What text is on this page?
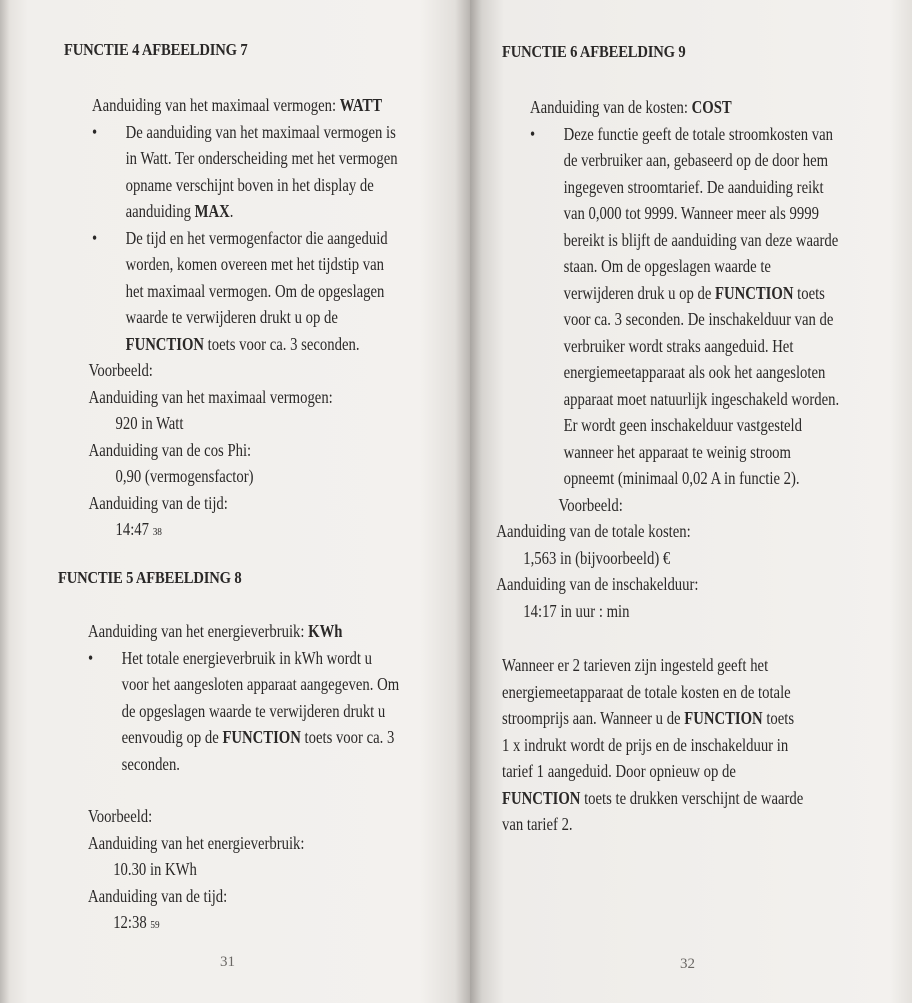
FUNCTIE 4 AFBEELDING 7

Aanduiding van het maximaal vermogen: WATT

• De aanduiding van het maximaal vermogen is

in Watt. Ter onderscheiding met het vermogen

opname verschijnt boven in het display de

aanduiding MAX.

• De tijd en het vermogenfactor die aangeduid

worden, komen overeen met het tijdstip van

het maximaal vermogen. Om de opgeslagen

waarde te verwijderen drukt u op de

FUNCTION toets voor ca. 3 seconden.

Voorbeeld:

Aanduiding van het maximaal vermogen:

920 in Watt

Aanduiding van de cos Phi:

0,90 (vermogensfactor)

Aanduiding van de tijd:

14:47 38

FUNCTIE 5 AFBEELDING 8

Aanduiding van het energieverbruik: KWh

• Het totale energieverbruik in kWh wordt u

voor het aangesloten apparaat aangegeven. Om

de opgeslagen waarde te verwijderen drukt u

eenvoudig op de FUNCTION toets voor ca. 3

seconden.

Voorbeeld:

Aanduiding van het energieverbruik:

10.30 in KWh

Aanduiding van de tijd:

12:38 59

31

FUNCTIE 6 AFBEELDING 9

Aanduiding van de kosten: COST

• Deze functie geeft de totale stroomkosten van

de verbruiker aan, gebaseerd op de door hem

ingegeven stroomtarief. De aanduiding reikt

van 0,000 tot 9999. Wanneer meer als 9999

bereikt is blijft de aanduiding van deze waarde

staan. Om de opgeslagen waarde te

verwijderen druk u op de FUNCTION toets

voor ca. 3 seconden. De inschakelduur van de

verbruiker wordt straks aangeduid. Het

energiemeetapparaat als ook het aangesloten

apparaat moet natuurlijk ingeschakeld worden.

Er wordt geen inschakelduur vastgesteld

wanneer het apparaat te weinig stroom

opneemt (minimaal 0,02 A in functie 2).

Voorbeeld:

Aanduiding van de totale kosten:

1,563 in (bijvoorbeeld) €

Aanduiding van de inschakelduur:

14:17 in uur : min

Wanneer er 2 tarieven zijn ingesteld geeft het

energiemeetapparaat de totale kosten en de totale

stroomprijs aan. Wanneer u de FUNCTION toets

1 x indrukt wordt de prijs en de inschakelduur in

tarief 1 aangeduid. Door opnieuw op de

FUNCTION toets te drukken verschijnt de waarde

van tarief 2.

32
